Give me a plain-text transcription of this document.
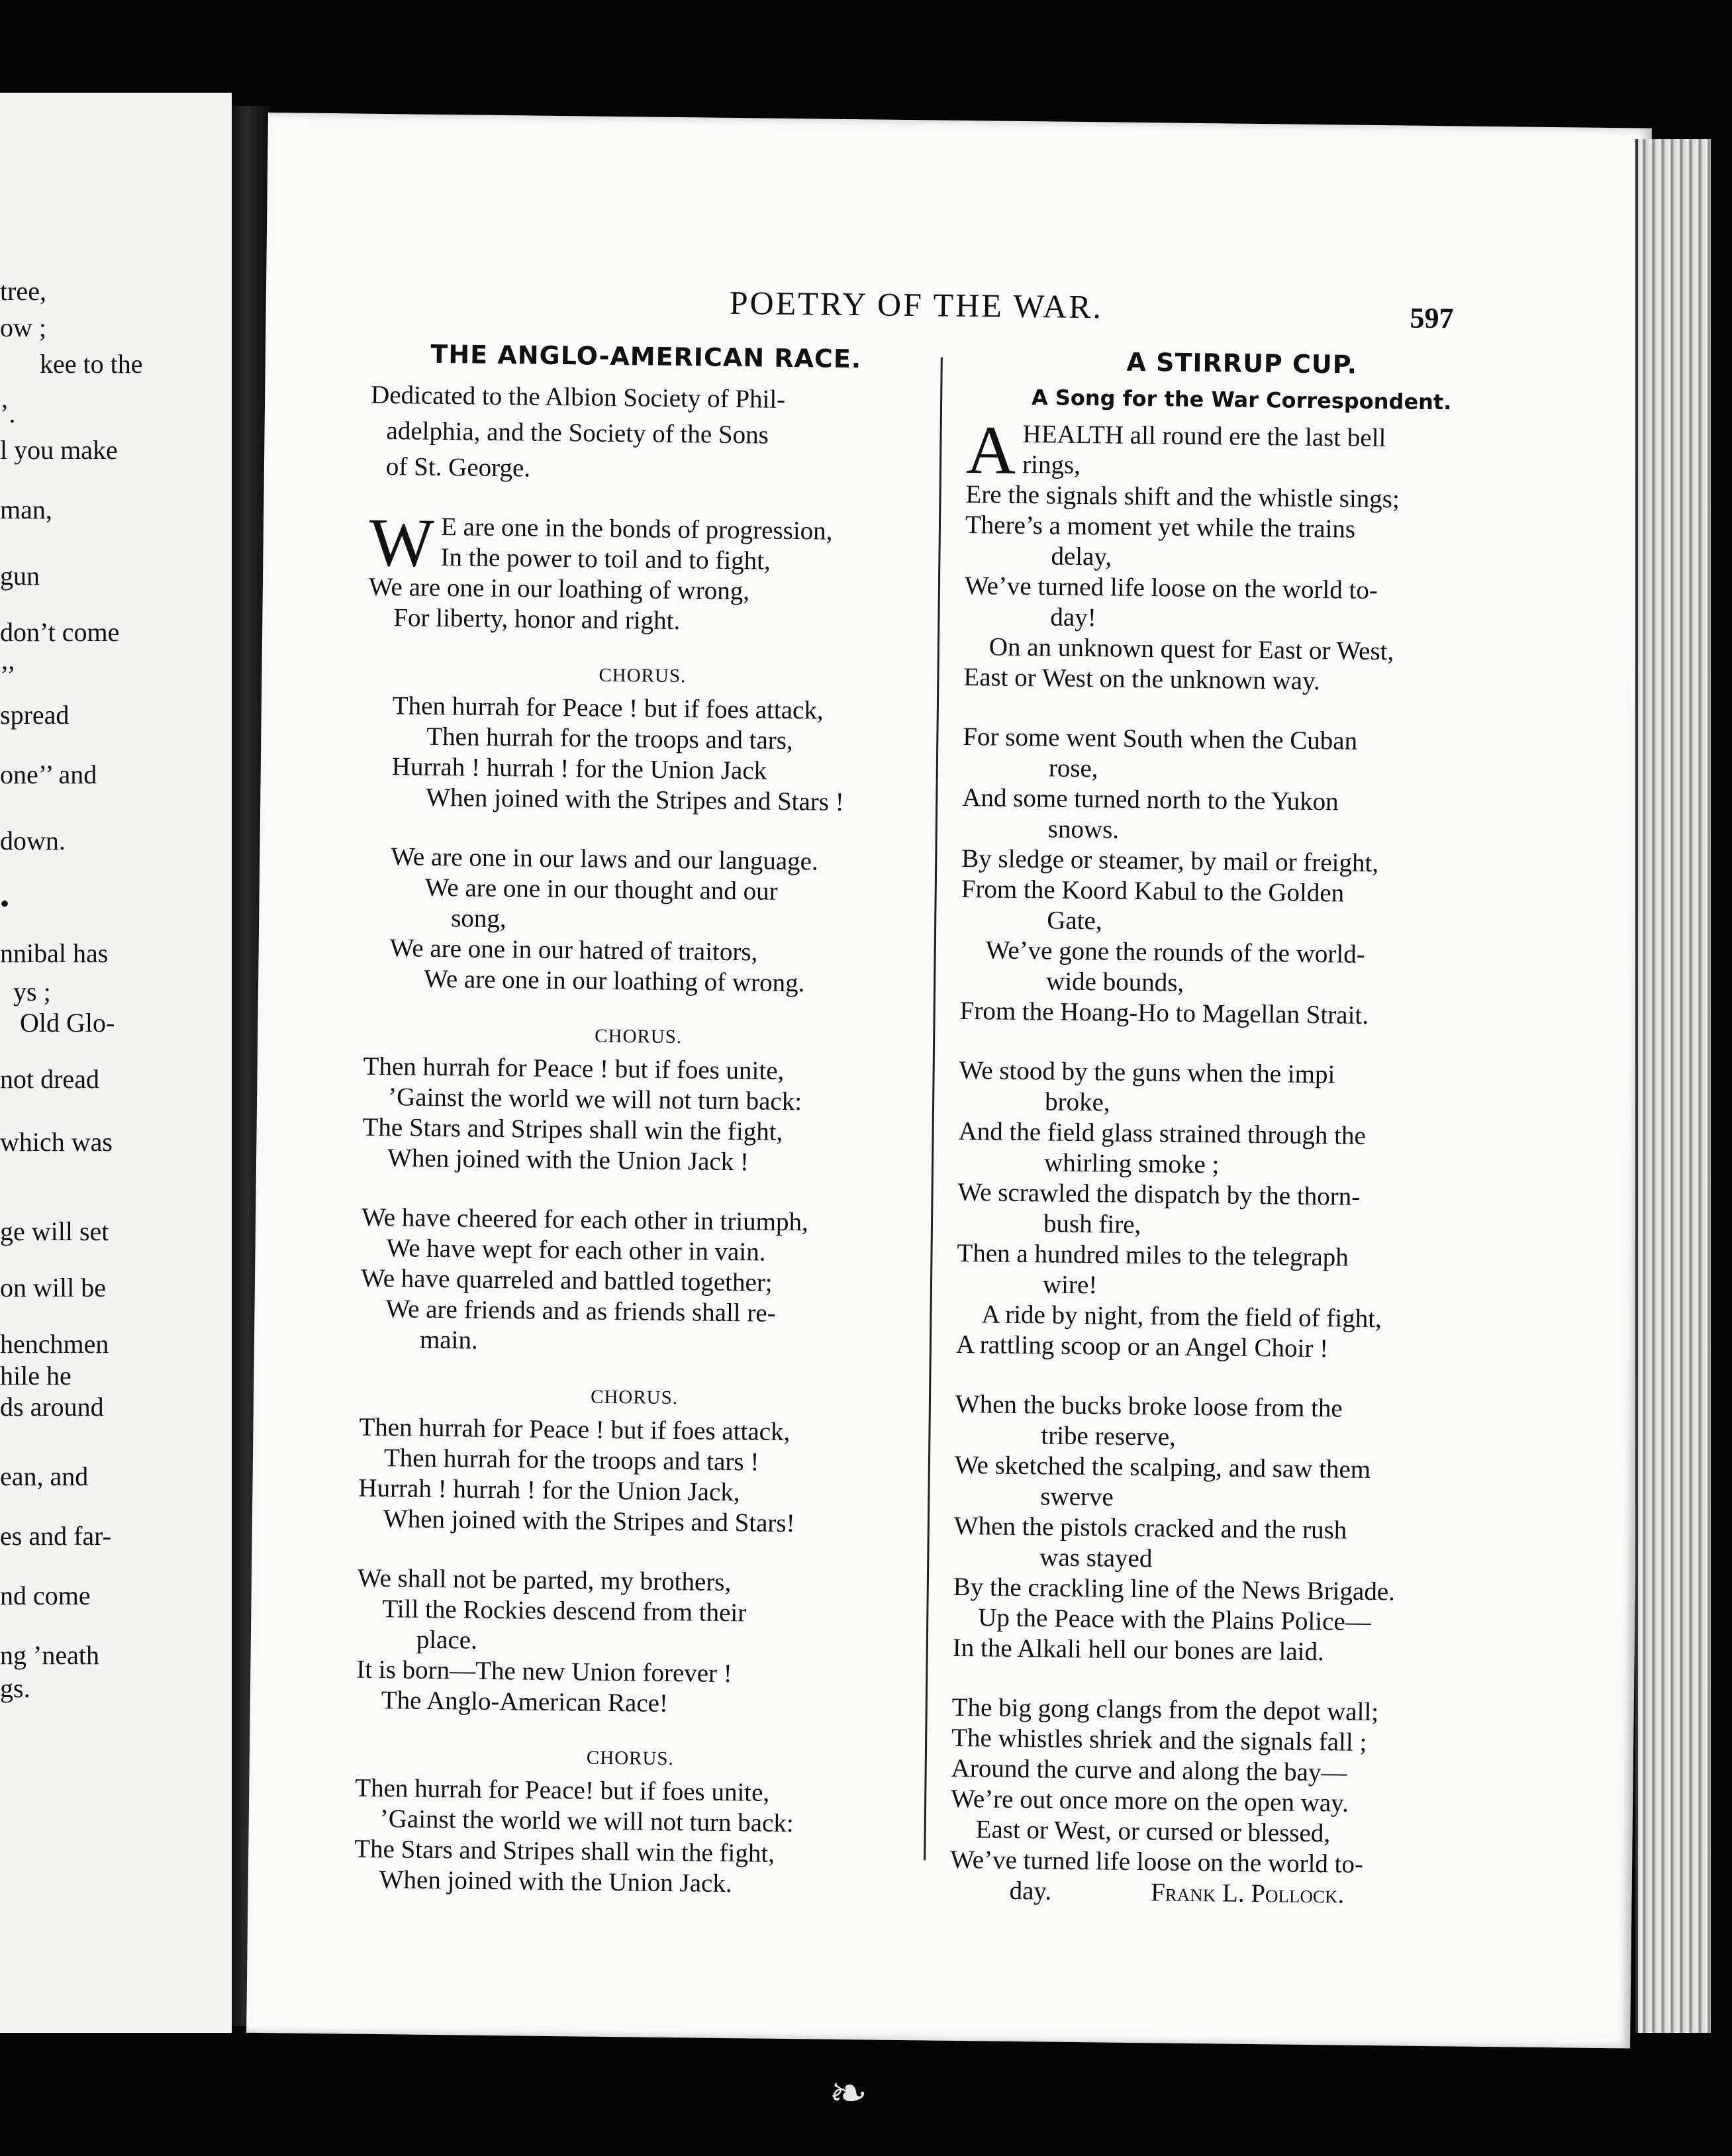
tree,
ow ;
kee to the
’.
l you make
man,
gun
don’t come
’’
spread
one’’ and
down.
•
nnibal has
ys ;
Old Glo-
not dread
which was
ge will set
on will be
henchmen
hile he
ds around
ean, and
es and far-
nd come
ng ’neath
gs.
POETRY OF THE WAR.	597
THE ANGLO-AMERICAN RACE.
Dedicated to the Albion Society of Phil-
adelphia, and the Society of the Sons
of St. George.
W E are one in the bonds of progression,
In the power to toil and to fight,
We are one in our loathing of wrong,
For liberty, honor and right.
CHORUS.
Then hurrah for Peace ! but if foes attack,
Then hurrah for the troops and tars,
Hurrah ! hurrah ! for the Union Jack
When joined with the Stripes and Stars !
We are one in our laws and our language.
We are one in our thought and our
song,
We are one in our hatred of traitors,
We are one in our loathing of wrong.
CHORUS.
Then hurrah for Peace ! but if foes unite,
’Gainst the world we will not turn back:
The Stars and Stripes shall win the fight,
When joined with the Union Jack !
We have cheered for each other in triumph,
We have wept for each other in vain.
We have quarreled and battled together;
We are friends and as friends shall re-
main.
CHORUS.
Then hurrah for Peace ! but if foes attack,
Then hurrah for the troops and tars !
Hurrah ! hurrah ! for the Union Jack,
When joined with the Stripes and Stars!
We shall not be parted, my brothers,
Till the Rockies descend from their
place.
It is born—The new Union forever !
The Anglo-American Race!
CHORUS.
Then hurrah for Peace! but if foes unite,
’Gainst the world we will not turn back:
The Stars and Stripes shall win the fight,
When joined with the Union Jack.
A STIRRUP CUP.
A Song for the War Correspondent.
A HEALTH all round ere the last bell
rings,
Ere the signals shift and the whistle sings;
There’s a moment yet while the trains
delay,
We’ve turned life loose on the world to-
day!
On an unknown quest for East or West,
East or West on the unknown way.
For some went South when the Cuban
rose,
And some turned north to the Yukon
snows.
By sledge or steamer, by mail or freight,
From the Koord Kabul to the Golden
Gate,
We’ve gone the rounds of the world-
wide bounds,
From the Hoang-Ho to Magellan Strait.
We stood by the guns when the impi
broke,
And the field glass strained through the
whirling smoke ;
We scrawled the dispatch by the thorn-
bush fire,
Then a hundred miles to the telegraph
wire!
A ride by night, from the field of fight,
A rattling scoop or an Angel Choir !
When the bucks broke loose from the
tribe reserve,
We sketched the scalping, and saw them
swerve
When the pistols cracked and the rush
was stayed
By the crackling line of the News Brigade.
Up the Peace with the Plains Police—
In the Alkali hell our bones are laid.
The big gong clangs from the depot wall;
The whistles shriek and the signals fall ;
Around the curve and along the bay—
We’re out once more on the open way.
East or West, or cursed or blessed,
We’ve turned life loose on the world to-
day.	Frank L. Pollock.
❧
